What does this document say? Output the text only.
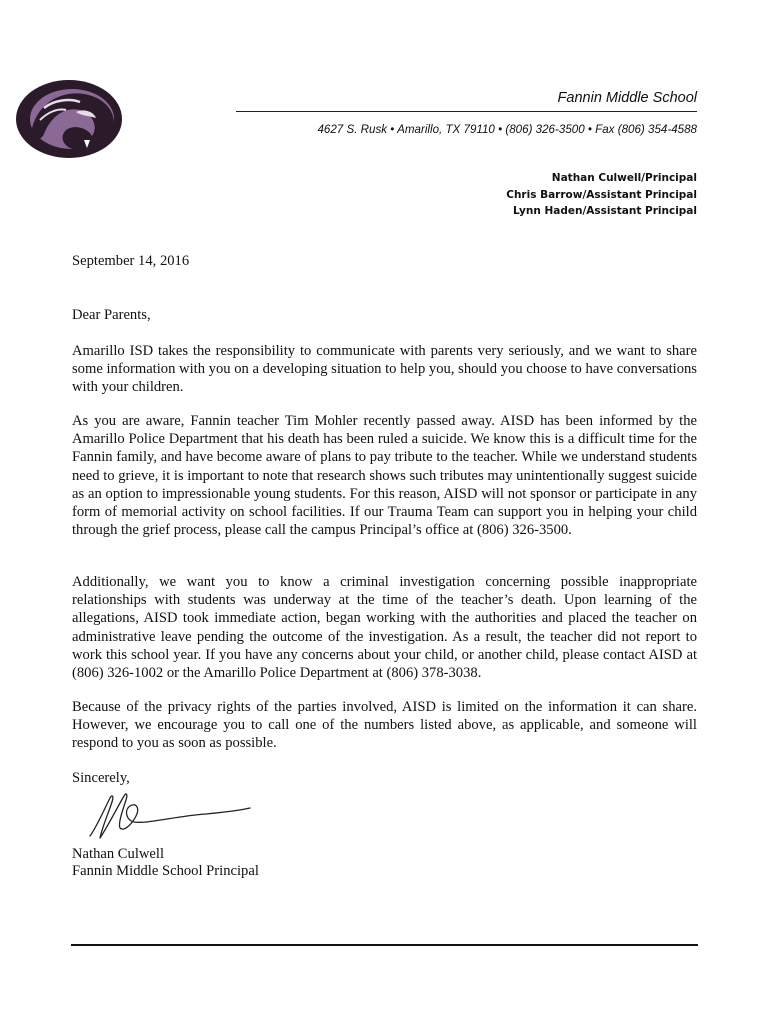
Fannin Middle School
4627 S. Rusk • Amarillo, TX 79110 • (806) 326-3500 • Fax (806) 354-4588
Nathan Culwell/Principal
Chris Barrow/Assistant Principal
Lynn Haden/Assistant Principal

September 14, 2016

Dear Parents,

Amarillo ISD takes the responsibility to communicate with parents very seriously, and we want to share some information with you on a developing situation to help you, should you choose to have conversations with your children.

As you are aware, Fannin teacher Tim Mohler recently passed away. AISD has been informed by the Amarillo Police Department that his death has been ruled a suicide. We know this is a difficult time for the Fannin family, and have become aware of plans to pay tribute to the teacher. While we understand students need to grieve, it is important to note that research shows such tributes may unintentionally suggest suicide as an option to impressionable young students. For this reason, AISD will not sponsor or participate in any form of memorial activity on school facilities. If our Trauma Team can support you in helping your child through the grief process, please call the campus Principal’s office at (806) 326-3500.

Additionally, we want you to know a criminal investigation concerning possible inappropriate relationships with students was underway at the time of the teacher’s death. Upon learning of the allegations, AISD took immediate action, began working with the authorities and placed the teacher on administrative leave pending the outcome of the investigation. As a result, the teacher did not report to work this school year. If you have any concerns about your child, or another child, please contact AISD at (806) 326-1002 or the Amarillo Police Department at (806) 378-3038.

Because of the privacy rights of the parties involved, AISD is limited on the information it can share. However, we encourage you to call one of the numbers listed above, as applicable, and someone will respond to you as soon as possible.

Sincerely,

Nathan Culwell

Fannin Middle School Principal
